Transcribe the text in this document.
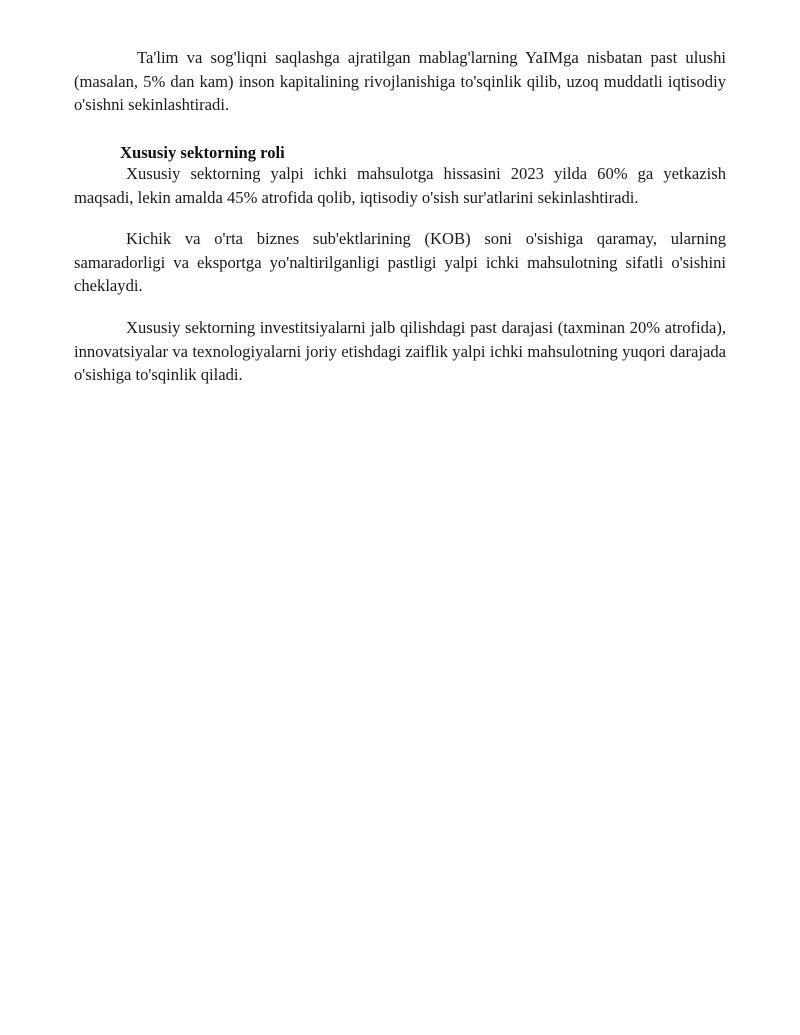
Ta'lim va sog'liqni saqlashga ajratilgan mablag'larning YaIMga nisbatan past ulushi (masalan, 5% dan kam) inson kapitalining rivojlanishiga to'sqinlik qilib, uzoq muddatli iqtisodiy o'sishni sekinlashtiradi.

Xususiy sektorning roli

Xususiy sektorning yalpi ichki mahsulotga hissasini 2023 yilda 60% ga yetkazish maqsadi, lekin amalda 45% atrofida qolib, iqtisodiy o'sish sur'atlarini sekinlashtiradi.

Kichik va o'rta biznes sub'ektlarining (KOB) soni o'sishiga qaramay, ularning samaradorligi va eksportga yo'naltirilganligi pastligi yalpi ichki mahsulotning sifatli o'sishini cheklaydi.

Xususiy sektorning investitsiyalarni jalb qilishdagi past darajasi (taxminan 20% atrofida), innovatsiyalar va texnologiyalarni joriy etishdagi zaiflik yalpi ichki mahsulotning yuqori darajada o'sishiga to'sqinlik qiladi.
